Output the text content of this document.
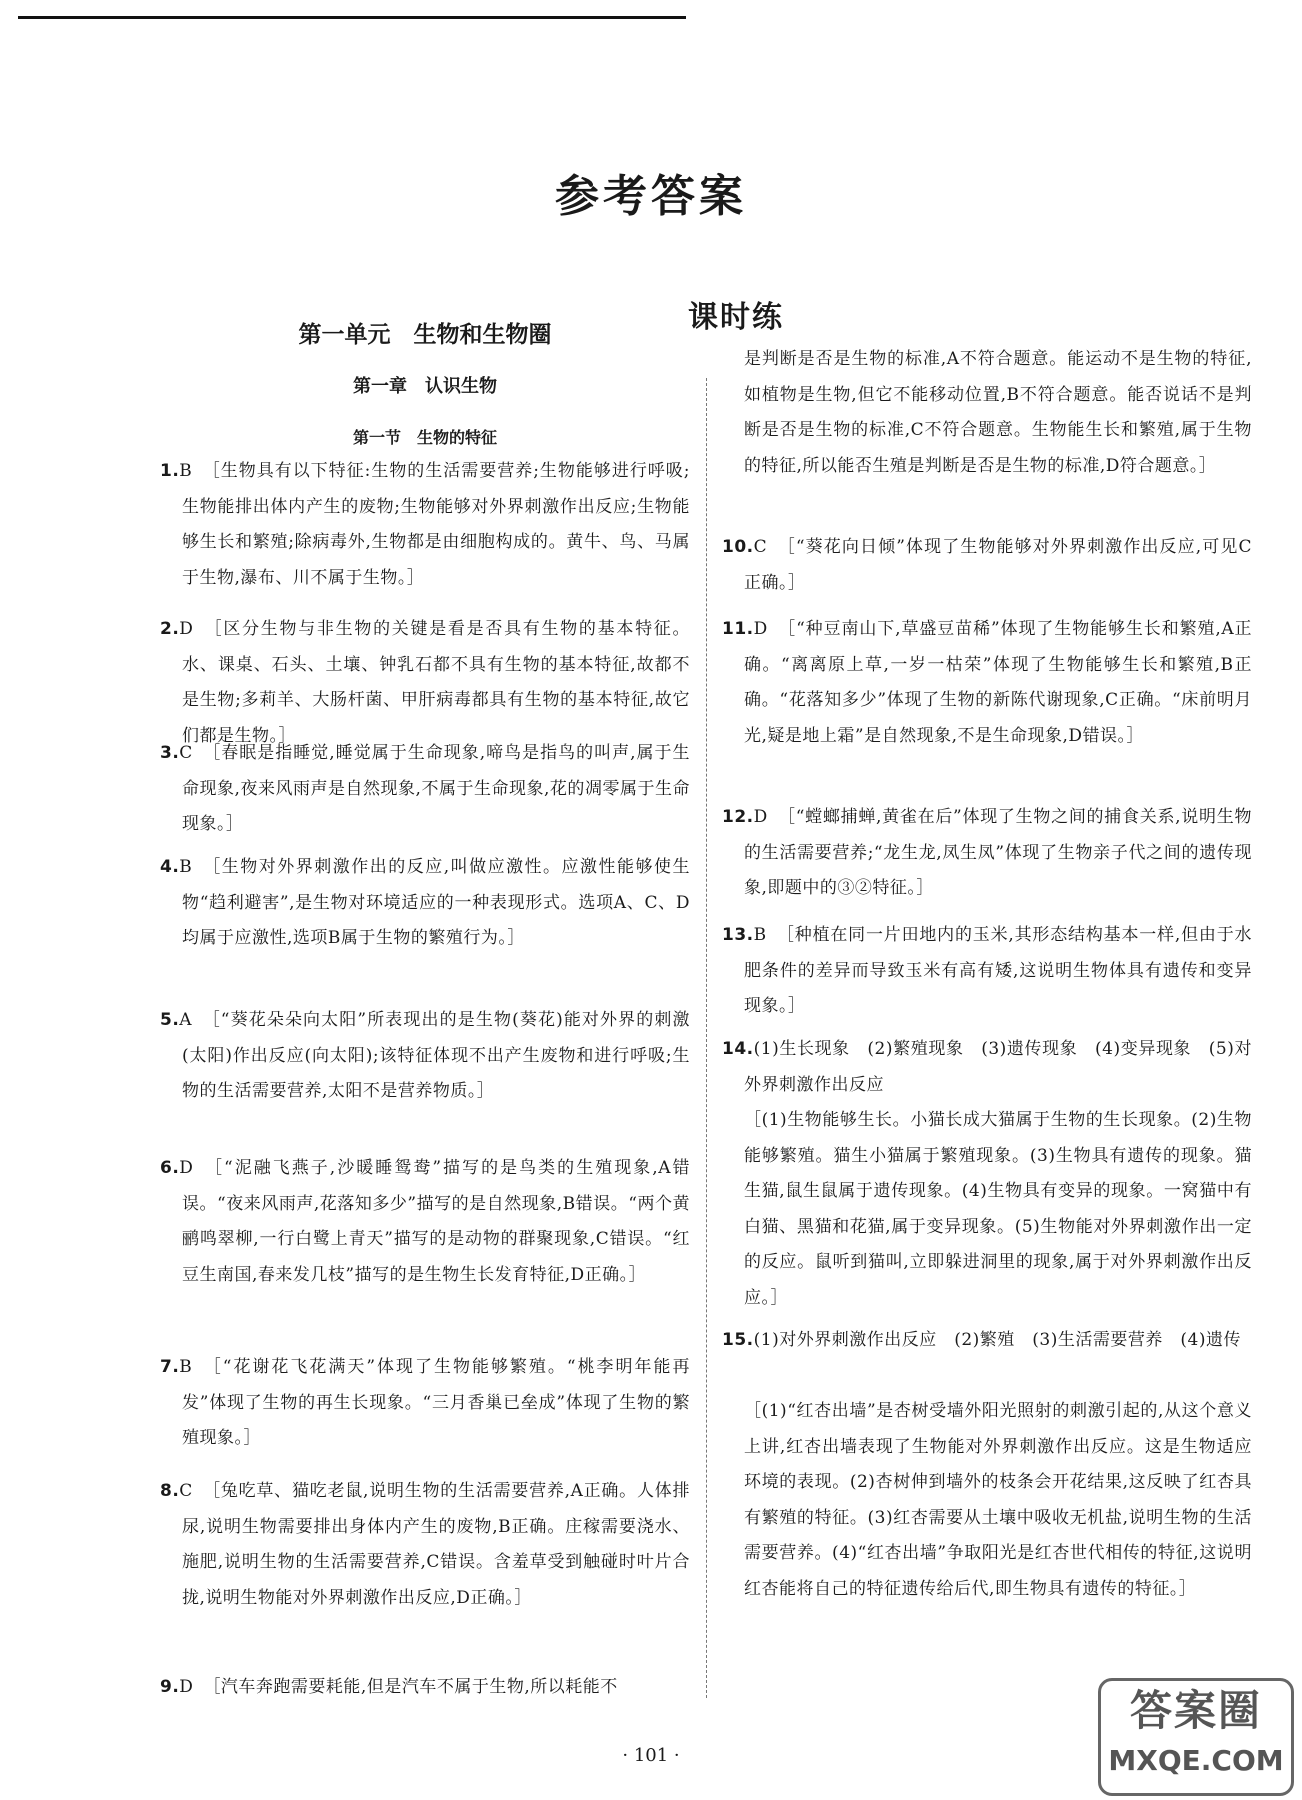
参考答案
课时练
第一单元　生物和生物圈
第一章　认识生物
第一节　生物的特征
1.B ［生物具有以下特征:生物的生活需要营养;生物能够进行呼吸;生物能排出体内产生的废物;生物能够对外界刺激作出反应;生物能够生长和繁殖;除病毒外,生物都是由细胞构成的。黄牛、鸟、马属于生物,瀑布、川不属于生物。］
2.D ［区分生物与非生物的关键是看是否具有生物的基本特征。水、课桌、石头、土壤、钟乳石都不具有生物的基本特征,故都不是生物;多莉羊、大肠杆菌、甲肝病毒都具有生物的基本特征,故它们都是生物。］
3.C ［春眠是指睡觉,睡觉属于生命现象,啼鸟是指鸟的叫声,属于生命现象,夜来风雨声是自然现象,不属于生命现象,花的凋零属于生命现象。］
4.B ［生物对外界刺激作出的反应,叫做应激性。应激性能够使生物“趋利避害”,是生物对环境适应的一种表现形式。选项A、C、D均属于应激性,选项B属于生物的繁殖行为。］
5.A ［“葵花朵朵向太阳”所表现出的是生物(葵花)能对外界的刺激(太阳)作出反应(向太阳);该特征体现不出产生废物和进行呼吸;生物的生活需要营养,太阳不是营养物质。］
6.D ［“泥融飞燕子,沙暖睡鸳鸯”描写的是鸟类的生殖现象,A错误。“夜来风雨声,花落知多少”描写的是自然现象,B错误。“两个黄鹂鸣翠柳,一行白鹭上青天”描写的是动物的群聚现象,C错误。“红豆生南国,春来发几枝”描写的是生物生长发育特征,D正确。］
7.B ［“花谢花飞花满天”体现了生物能够繁殖。“桃李明年能再发”体现了生物的再生长现象。“三月香巢已垒成”体现了生物的繁殖现象。］
8.C ［兔吃草、猫吃老鼠,说明生物的生活需要营养,A正确。人体排尿,说明生物需要排出身体内产生的废物,B正确。庄稼需要浇水、施肥,说明生物的生活需要营养,C错误。含羞草受到触碰时叶片合拢,说明生物能对外界刺激作出反应,D正确。］
9.D ［汽车奔跑需要耗能,但是汽车不属于生物,所以耗能不
是判断是否是生物的标准,A不符合题意。能运动不是生物的特征,如植物是生物,但它不能移动位置,B不符合题意。能否说话不是判断是否是生物的标准,C不符合题意。生物能生长和繁殖,属于生物的特征,所以能否生殖是判断是否是生物的标准,D符合题意。］
10.C ［“葵花向日倾”体现了生物能够对外界刺激作出反应,可见C正确。］
11.D ［“种豆南山下,草盛豆苗稀”体现了生物能够生长和繁殖,A正确。“离离原上草,一岁一枯荣”体现了生物能够生长和繁殖,B正确。“花落知多少”体现了生物的新陈代谢现象,C正确。“床前明月光,疑是地上霜”是自然现象,不是生命现象,D错误。］
12.D ［“螳螂捕蝉,黄雀在后”体现了生物之间的捕食关系,说明生物的生活需要营养;“龙生龙,凤生凤”体现了生物亲子代之间的遗传现象,即题中的③②特征。］
13.B ［种植在同一片田地内的玉米,其形态结构基本一样,但由于水肥条件的差异而导致玉米有高有矮,这说明生物体具有遗传和变异现象。］
14.(1)生长现象　(2)繁殖现象　(3)遗传现象　(4)变异现象　(5)对外界刺激作出反应
［(1)生物能够生长。小猫长成大猫属于生物的生长现象。(2)生物能够繁殖。猫生小猫属于繁殖现象。(3)生物具有遗传的现象。猫生猫,鼠生鼠属于遗传现象。(4)生物具有变异的现象。一窝猫中有白猫、黑猫和花猫,属于变异现象。(5)生物能对外界刺激作出一定的反应。鼠听到猫叫,立即躲进洞里的现象,属于对外界刺激作出反应。］
15.(1)对外界刺激作出反应　(2)繁殖　(3)生活需要营养　(4)遗传
［(1)“红杏出墙”是杏树受墙外阳光照射的刺激引起的,从这个意义上讲,红杏出墙表现了生物能对外界刺激作出反应。这是生物适应环境的表现。(2)杏树伸到墙外的枝条会开花结果,这反映了红杏具有繁殖的特征。(3)红杏需要从土壤中吸收无机盐,说明生物的生活需要营养。(4)“红杏出墙”争取阳光是红杏世代相传的特征,这说明红杏能将自己的特征遗传给后代,即生物具有遗传的特征。］
· 101 ·
答案圈
MXQE.COM
